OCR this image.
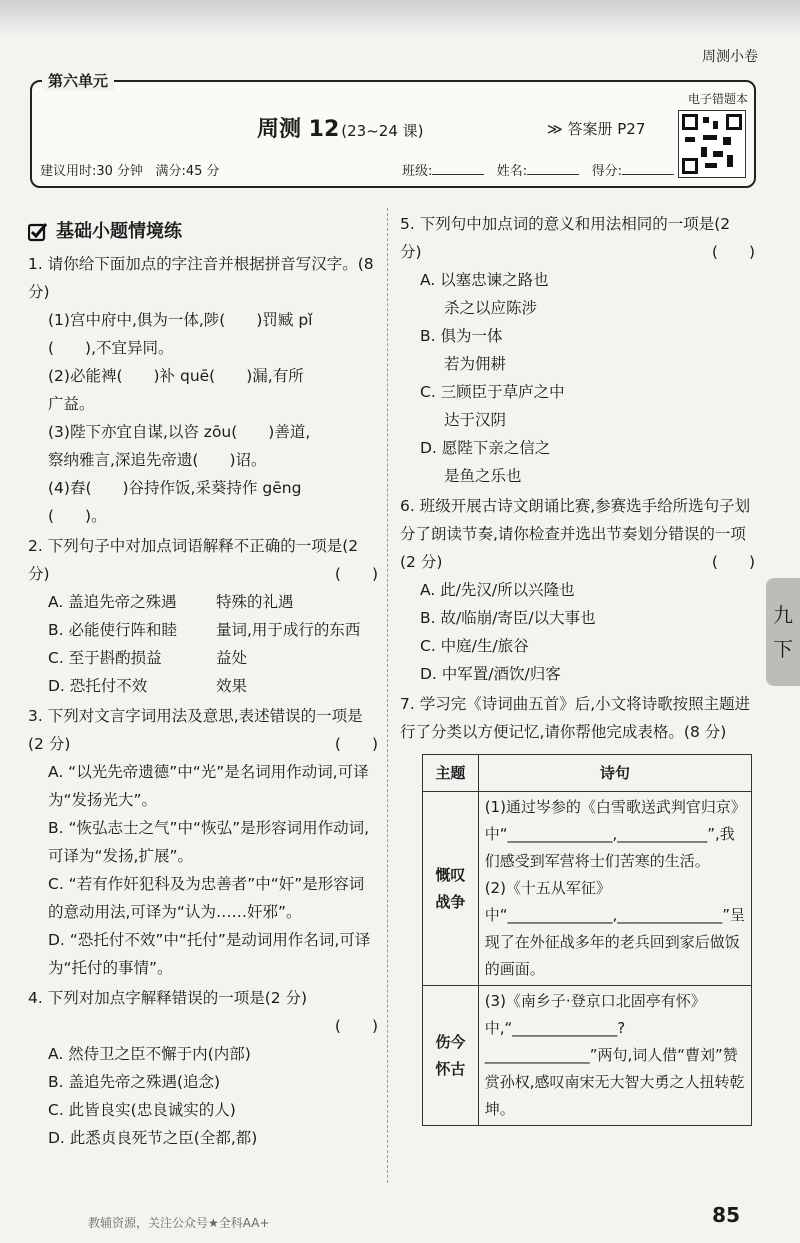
周测小卷
第六单元
周测 12 (23~24 课)	≫ 答案册 P27
电子错题本
建议用时:30 分钟 满分:45 分	班级:	姓名:	得分:
基础小题情境练
1. 请你给下面加点的字注音并根据拼音写汉字。(8 分)
(1)宫中府中,俱为一体,陟(　　)罚臧 pǐ
(　　),不宜异同。
(2)必能裨(　　)补 quē(　　)漏,有所
广益。
(3)陛下亦宜自谋,以咨 zōu(　　)善道,
察纳雅言,深追先帝遗(　　)诏。
(4)舂(　　)谷持作饭,采葵持作 gēng
(　　)。
2. 下列句子中对加点词语解释不正确的一项是(2 分)	(　　)
A. 盖追先帝之殊遇	特殊的礼遇
B. 必能使行阵和睦	量词,用于成行的东西
C. 至于斟酌损益	益处
D. 恐托付不效	效果
3. 下列对文言字词用法及意思,表述错误的一项是(2 分)	(　　)
A. “以光先帝遗德”中“光”是名词用作动词,可译为“发扬光大”。
B. “恢弘志士之气”中“恢弘”是形容词用作动词,可译为“发扬,扩展”。
C. “若有作奸犯科及为忠善者”中“奸”是形容词的意动用法,可译为“认为……奸邪”。
D. “恐托付不效”中“托付”是动词用作名词,可译为“托付的事情”。
4. 下列对加点字解释错误的一项是(2 分)
(　　)
A. 然侍卫之臣不懈于内(内部)
B. 盖追先帝之殊遇(追念)
C. 此皆良实(忠良诚实的人)
D. 此悉贞良死节之臣(全都,都)
5. 下列句中加点词的意义和用法相同的一项是(2 分)	(　　)
A. 以塞忠谏之路也
杀之以应陈涉
B. 俱为一体
若为佣耕
C. 三顾臣于草庐之中
达于汉阴
D. 愿陛下亲之信之
是鱼之乐也
6. 班级开展古诗文朗诵比赛,参赛选手给所选句子划分了朗读节奏,请你检查并选出节奏划分错误的一项(2 分)	(　　)
A. 此/先汉/所以兴隆也
B. 故/临崩/寄臣/以大事也
C. 中庭/生/旅谷
D. 中军置/酒饮/归客
7. 学习完《诗词曲五首》后,小文将诗歌按照主题进行了分类以方便记忆,请你帮他完成表格。(8 分)
主题	诗句
慨叹战争	(1)通过岑参的《白雪歌送武判官归京》中“______________,____________”,我们感受到军营将士们苦寒的生活。
(2)《十五从军征》中“______________,______________”呈现了在外征战多年的老兵回到家后做饭的画面。

伤今怀古	(3)《南乡子·登京口北固亭有怀》中,“______________?______________”两句,词人借“曹刘”赞赏孙权,感叹南宋无大智大勇之人扭转乾坤。
九
下
教辅资源，关注公众号★全科AA+	85
